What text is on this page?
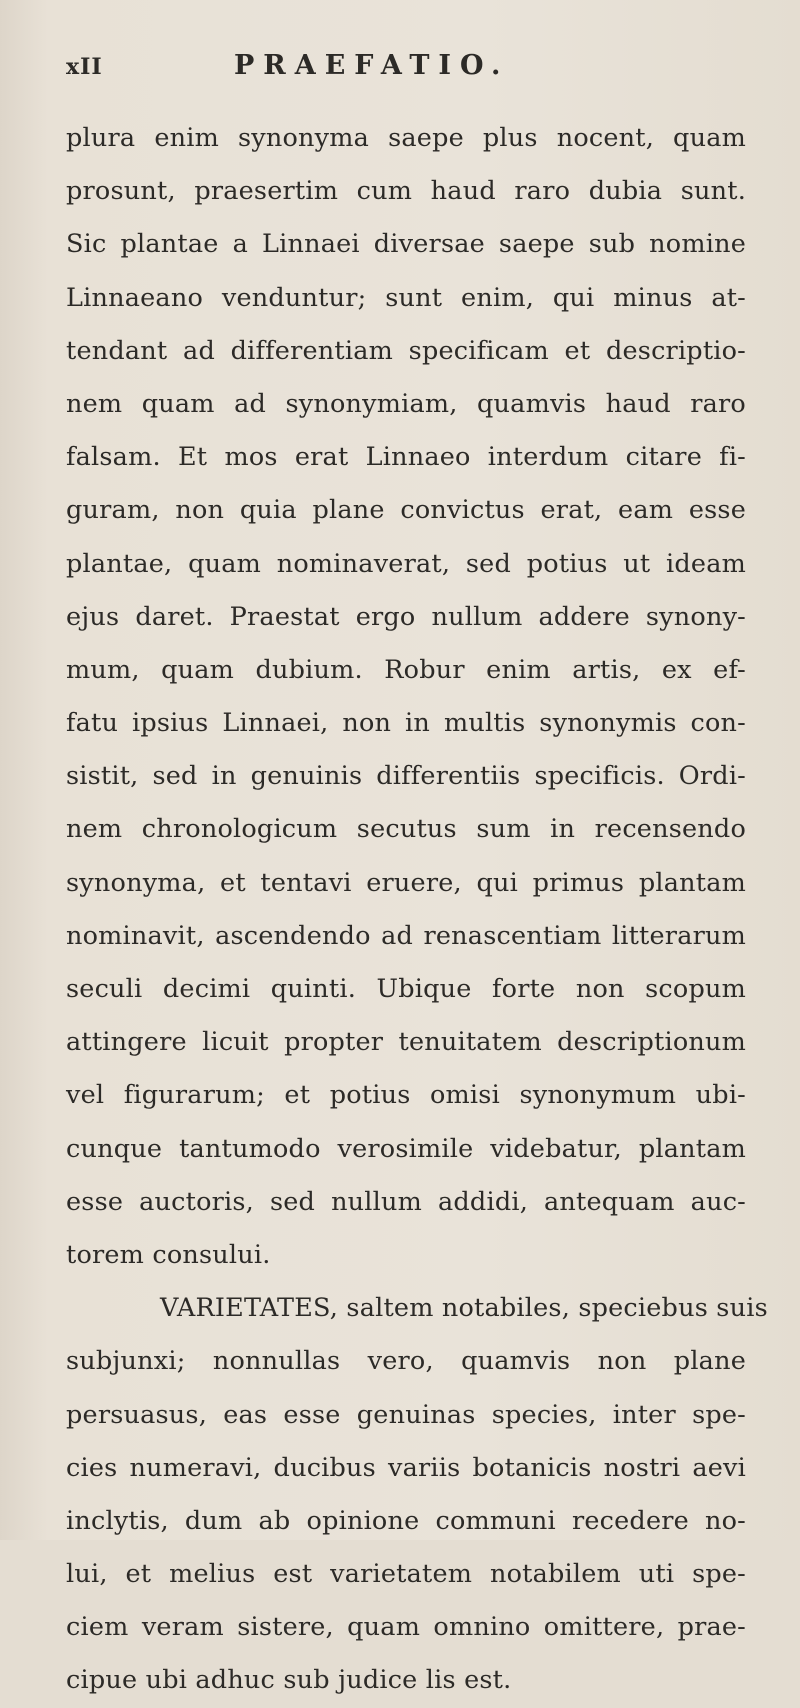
xII	PRAEFATIO.
plura enim synonyma saepe plus nocent, quam
prosunt, praesertim cum haud raro dubia sunt.
Sic plantae a Linnaei diversae saepe sub nomine
Linnaeano venduntur; sunt enim, qui minus at-
tendant ad differentiam specificam et descriptio-
nem quam ad synonymiam, quamvis haud raro
falsam. Et mos erat Linnaeo interdum citare fi-
guram, non quia plane convictus erat, eam esse
plantae, quam nominaverat, sed potius ut ideam
ejus daret. Praestat ergo nullum addere synony-
mum, quam dubium. Robur enim artis, ex ef-
fatu ipsius Linnaei, non in multis synonymis con-
sistit, sed in genuinis differentiis specificis. Ordi-
nem chronologicum secutus sum in recensendo
synonyma, et tentavi eruere, qui primus plantam
nominavit, ascendendo ad renascentiam litterarum
seculi decimi quinti. Ubique forte non scopum
attingere licuit propter tenuitatem descriptionum
vel figurarum; et potius omisi synonymum ubi-
cunque tantumodo verosimile videbatur, plantam
esse auctoris, sed nullum addidi, antequam auc-
torem consului.
VARIETATES, saltem notabiles, speciebus suis
subjunxi; nonnullas vero, quamvis non plane
persuasus, eas esse genuinas species, inter spe-
cies numeravi, ducibus variis botanicis nostri aevi
inclytis, dum ab opinione communi recedere no-
lui, et melius est varietatem notabilem uti spe-
ciem veram sistere, quam omnino omittere, prae-
cipue ubi adhuc sub judice lis est.
